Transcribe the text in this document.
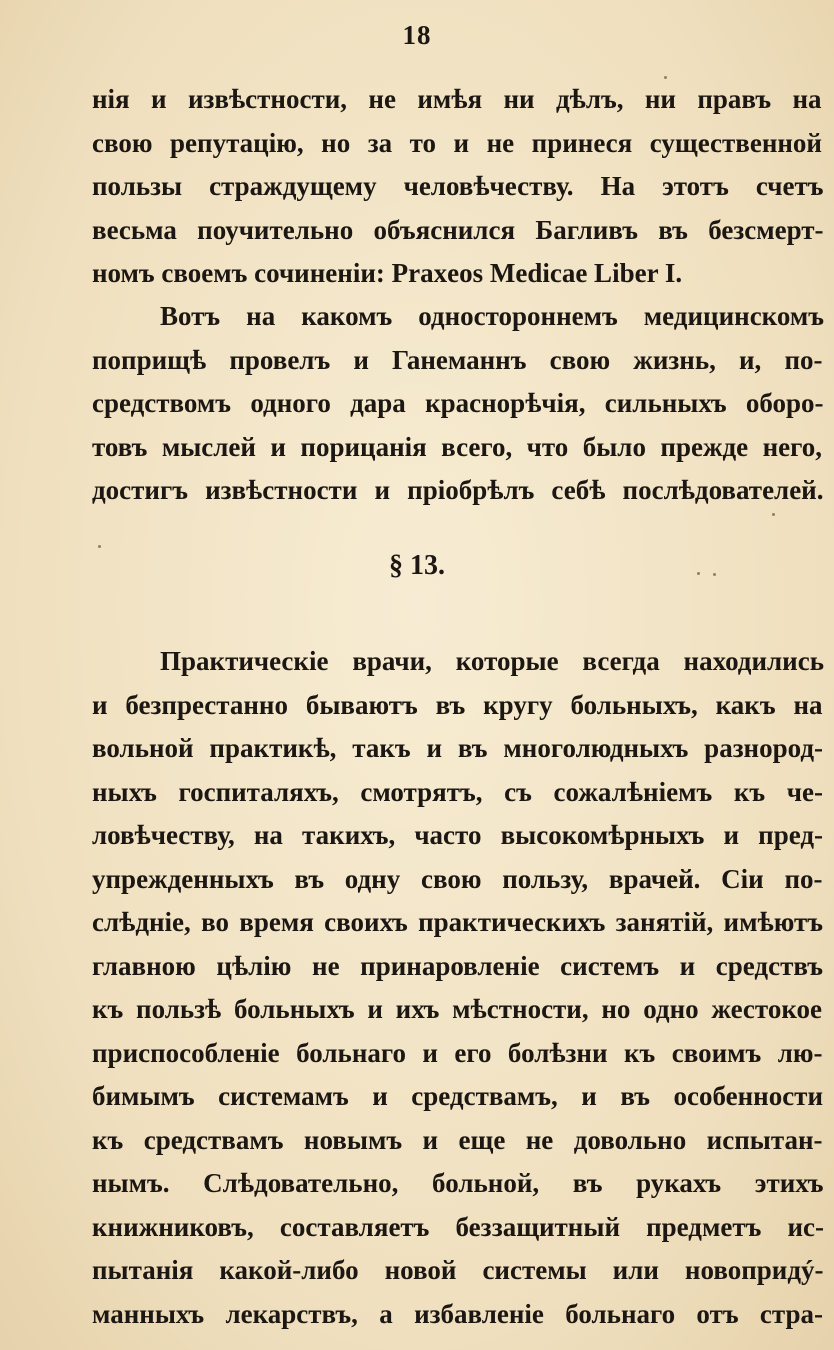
18
нія и извѣстности, не имѣя ни дѣлъ, ни правъ на
свою репутацію, но за то и не принеся существенной
пользы страждущему человѣчеству. На этотъ счетъ
весьма поучительно объяснился Багливъ въ безсмерт-
номъ своемъ сочиненіи: Praxeos Medicae Liber I.
Вотъ на какомъ одностороннемъ медицинскомъ
поприщѣ провелъ и Ганеманнъ свою жизнь, и, по-
средствомъ одного дара краснорѣчія, сильныхъ оборо-
товъ мыслей и порицанія всего, что было прежде него,
достигъ извѣстности и пріобрѣлъ себѣ послѣдователей.
§ 13.
Практическіе врачи, которые всегда находились
и безпрестанно бываютъ въ кругу больныхъ, какъ на
вольной практикѣ, такъ и въ многолюдныхъ разнород-
ныхъ госпиталяхъ, смотрятъ, съ сожалѣніемъ къ че-
ловѣчеству, на такихъ, часто высокомѣрныхъ и пред-
упрежденныхъ въ одну свою пользу, врачей. Сіи по-
слѣдніе, во время своихъ практическихъ занятій, имѣютъ
главною цѣлію не принаровленіе системъ и средствъ
къ пользѣ больныхъ и ихъ мѣстности, но одно жестокое
приспособленіе больнаго и его болѣзни къ своимъ лю-
бимымъ системамъ и средствамъ, и въ особенности
къ средствамъ новымъ и еще не довольно испытан-
нымъ. Слѣдовательно, больной, въ рукахъ этихъ
книжниковъ, составляетъ беззащитный предметъ ис-
пытанія какой-либо новой системы или новопридý-
манныхъ лекарствъ, а избавленіе больнаго отъ стра-
